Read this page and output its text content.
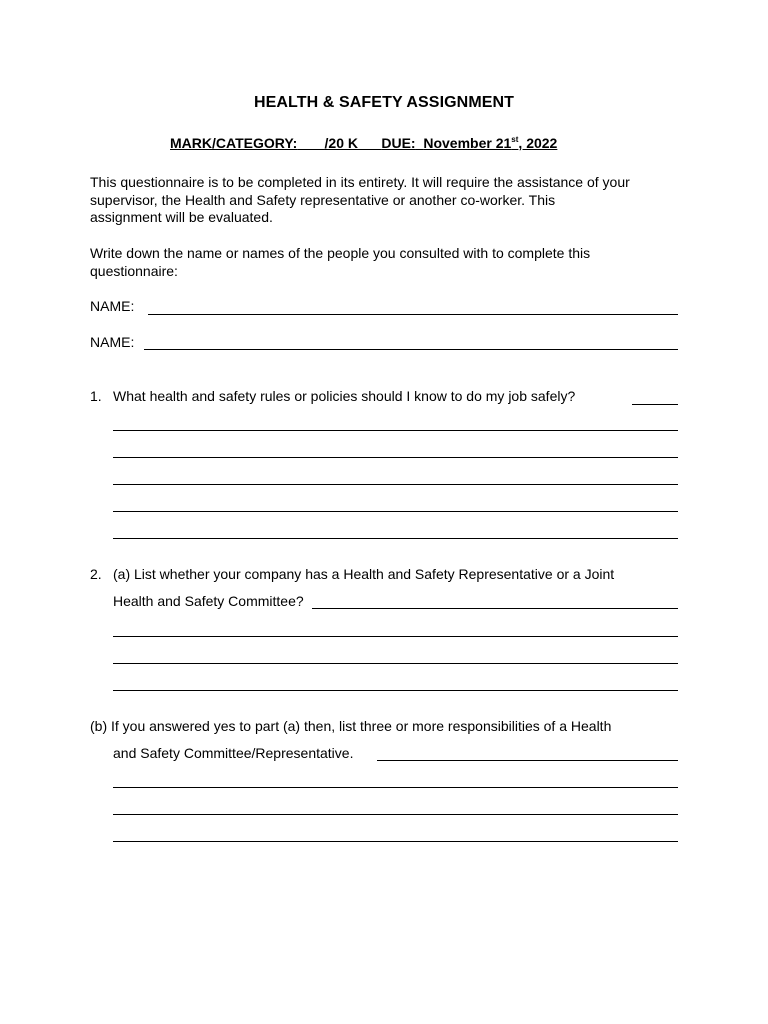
HEALTH & SAFETY ASSIGNMENT
MARK/CATEGORY: /20 K DUE: November 21st, 2022
This questionnaire is to be completed in its entirety. It will require the assistance of your
supervisor, the Health and Safety representative or another co-worker. This
assignment will be evaluated.
Write down the name or names of the people you consulted with to complete this
questionnaire:
NAME:
NAME:
1. What health and safety rules or policies should I know to do my job safely?
2. (a) List whether your company has a Health and Safety Representative or a Joint
Health and Safety Committee?
(b) If you answered yes to part (a) then, list three or more responsibilities of a Health
and Safety Committee/Representative.
